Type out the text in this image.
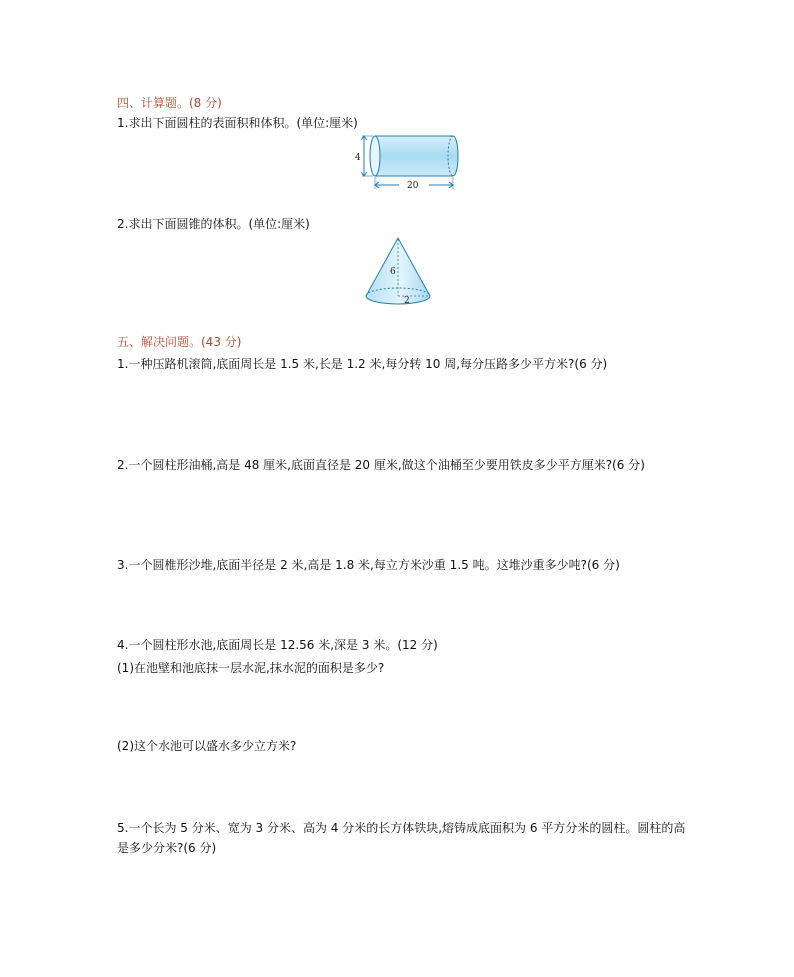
四、计算题。(8 分)
1.求出下面圆柱的表面积和体积。(单位:厘米)
4
20
2.求出下面圆锥的体积。(单位:厘米)
6
2
五、解决问题。(43 分)
1.一种压路机滚筒,底面周长是 1.5 米,长是 1.2 米,每分转 10 周,每分压路多少平方米?(6 分)
2.一个圆柱形油桶,高是 48 厘米,底面直径是 20 厘米,做这个油桶至少要用铁皮多少平方厘米?(6 分)
3.一个圆椎形沙堆,底面半径是 2 米,高是 1.8 米,每立方米沙重 1.5 吨。这堆沙重多少吨?(6 分)
4.一个圆柱形水池,底面周长是 12.56 米,深是 3 米。(12 分)
(1)在池壁和池底抹一层水泥,抹水泥的面积是多少?
(2)这个水池可以盛水多少立方米?
5.一个长为 5 分米、宽为 3 分米、高为 4 分米的长方体铁块,熔铸成底面积为 6 平方分米的圆柱。圆柱的高是多少分米?(6 分)
